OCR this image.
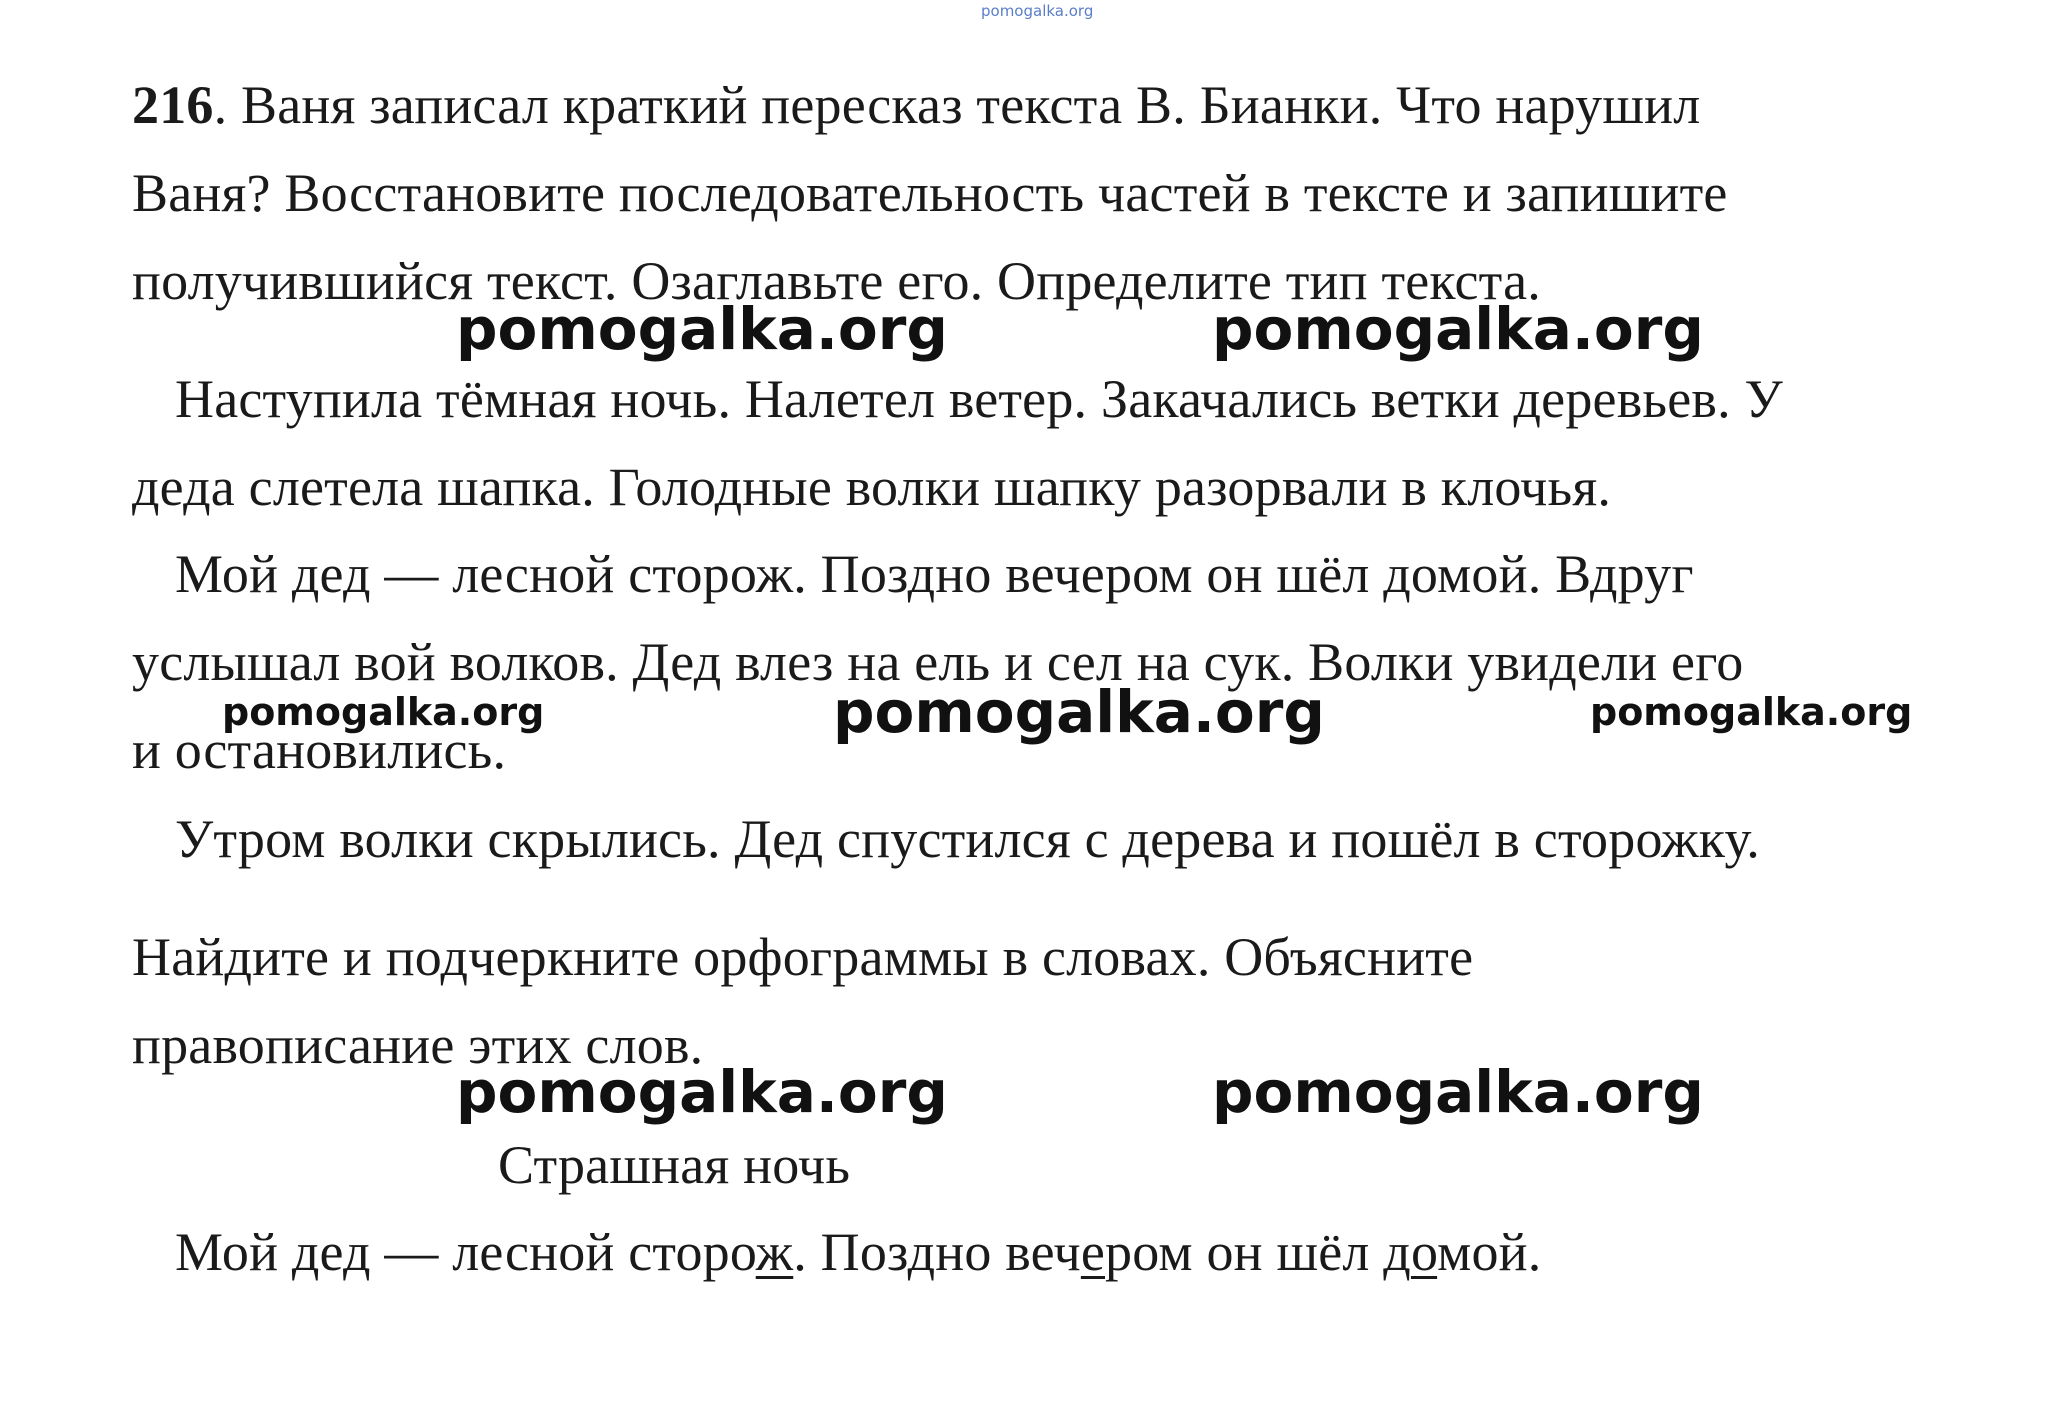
pomogalka.org
216. Ваня записал краткий пересказ текста В. Бианки. Что нарушил
Ваня? Восстановите последовательность частей в тексте и запишите
получившийся текст. Озаглавьте его. Определите тип текста.
Наступила тёмная ночь. Налетел ветер. Закачались ветки деревьев. У
деда слетела шапка. Голодные волки шапку разорвали в клочья.
Мой дед — лесной сторож. Поздно вечером он шёл домой. Вдруг
услышал вой волков. Дед влез на ель и сел на сук. Волки увидели его
и остановились.
Утром волки скрылись. Дед спустился с дерева и пошёл в сторожку.
Найдите и подчеркните орфограммы в словах. Объясните
правописание этих слов.
Страшная ночь
Мой дед — лесной сторож. Поздно вечером он шёл домой.
pomogalka.org	pomogalka.org
pomogalka.org	pomogalka.org	pomogalka.org
pomogalka.org	pomogalka.org
